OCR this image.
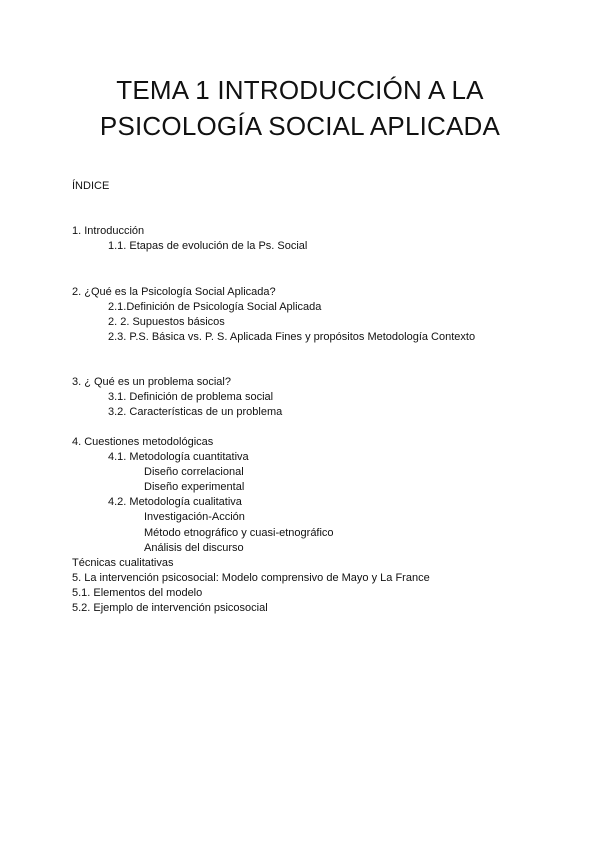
TEMA 1 INTRODUCCIÓN A LA
PSICOLOGÍA SOCIAL APLICADA
ÍNDICE
1. Introducción
1.1. Etapas de evolución de la Ps. Social
2. ¿Qué es la Psicología Social Aplicada?
2.1.Definición de Psicología Social Aplicada
2. 2. Supuestos básicos
2.3. P.S. Básica vs. P. S. Aplicada Fines y propósitos Metodología Contexto
3. ¿ Qué es un problema social?
3.1. Definición de problema social
3.2. Características de un problema
4. Cuestiones metodológicas
4.1. Metodología cuantitativa
Diseño correlacional
Diseño experimental
4.2. Metodología cualitativa
Investigación-Acción
Método etnográfico y cuasi-etnográfico
Análisis del discurso
Técnicas cualitativas
5. La intervención psicosocial: Modelo comprensivo de Mayo y La France
5.1. Elementos del modelo
5.2. Ejemplo de intervención psicosocial
